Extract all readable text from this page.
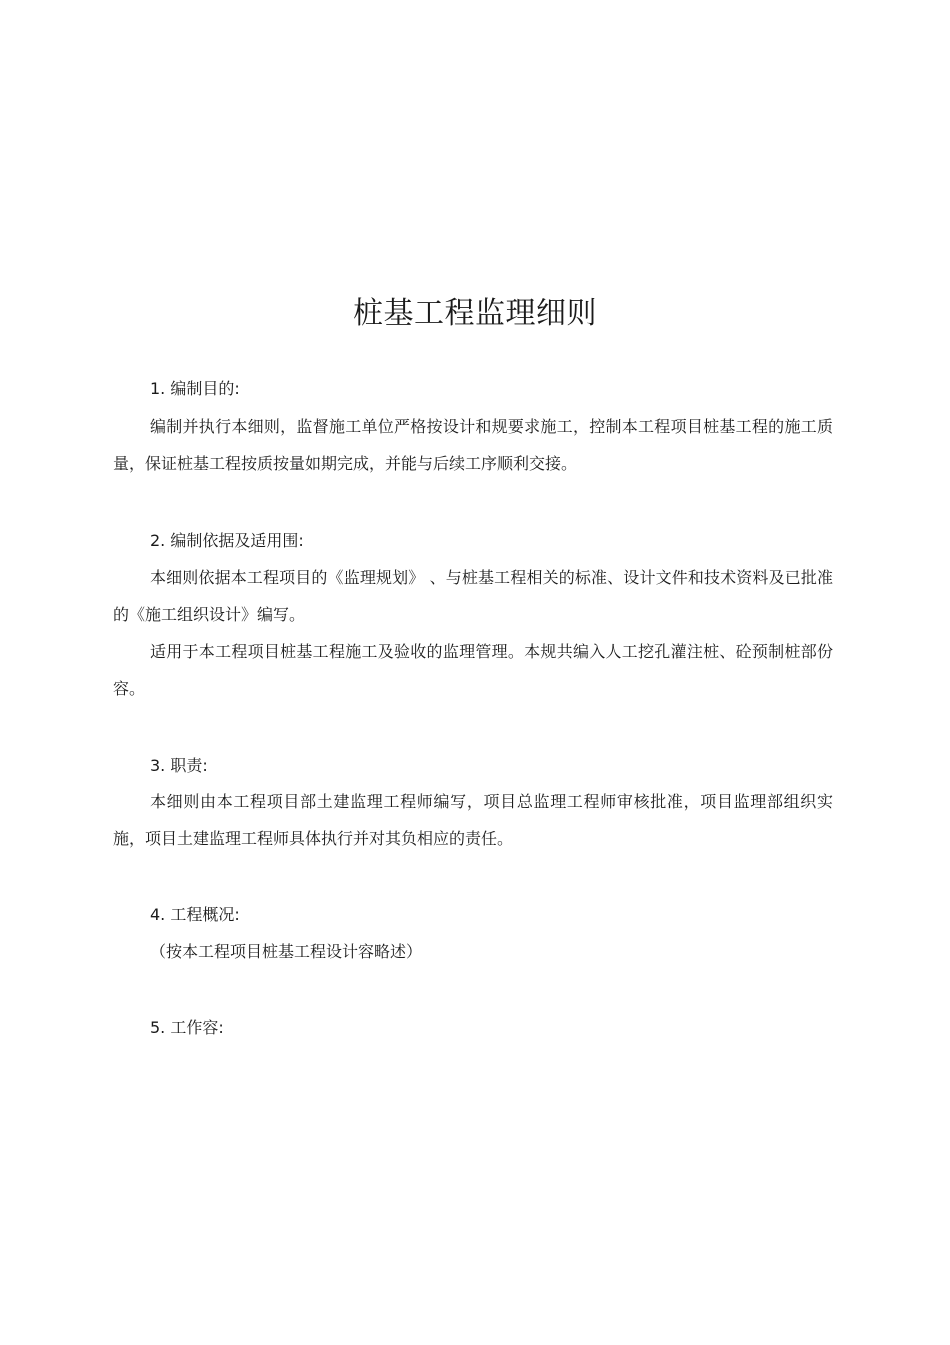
桩基工程监理细则

1. 编制目的:

编制并执行本细则，监督施工单位严格按设计和规要求施工，控制本工程项目桩基工程的施工质量，保证桩基工程按质按量如期完成，并能与后续工序顺利交接。

2. 编制依据及适用围:

本细则依据本工程项目的《监理规划》 、与桩基工程相关的标准、设计文件和技术资料及已批准的《施工组织设计》编写。

适用于本工程项目桩基工程施工及验收的监理管理。本规共编入人工挖孔灌注桩、砼预制桩部份容。

3. 职责:

本细则由本工程项目部土建监理工程师编写，项目总监理工程师审核批准，项目监理部组织实施，项目土建监理工程师具体执行并对其负相应的责任。

4. 工程概况:

（按本工程项目桩基工程设计容略述）

5. 工作容:
